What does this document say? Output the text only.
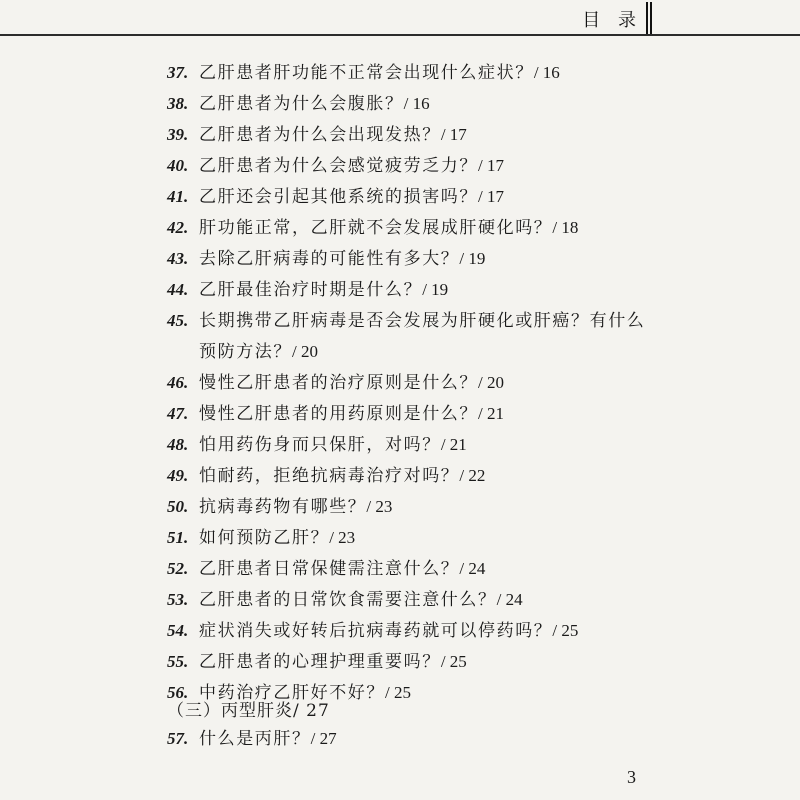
目 录
37. 乙肝患者肝功能不正常会出现什么症状？/ 16
38. 乙肝患者为什么会腹胀？/ 16
39. 乙肝患者为什么会出现发热？/ 17
40. 乙肝患者为什么会感觉疲劳乏力？/ 17
41. 乙肝还会引起其他系统的损害吗？/ 17
42. 肝功能正常，乙肝就不会发展成肝硬化吗？/ 18
43. 去除乙肝病毒的可能性有多大？/ 19
44. 乙肝最佳治疗时期是什么？/ 19
45. 长期携带乙肝病毒是否会发展为肝硬化或肝癌？有什么
预防方法？/ 20
46. 慢性乙肝患者的治疗原则是什么？/ 20
47. 慢性乙肝患者的用药原则是什么？/ 21
48. 怕用药伤身而只保肝，对吗？/ 21
49. 怕耐药，拒绝抗病毒治疗对吗？/ 22
50. 抗病毒药物有哪些？/ 23
51. 如何预防乙肝？/ 23
52. 乙肝患者日常保健需注意什么？/ 24
53. 乙肝患者的日常饮食需要注意什么？/ 24
54. 症状消失或好转后抗病毒药就可以停药吗？/ 25
55. 乙肝患者的心理护理重要吗？/ 25
56. 中药治疗乙肝好不好？/ 25
（三）丙型肝炎/ 27
57. 什么是丙肝？/ 27
3
